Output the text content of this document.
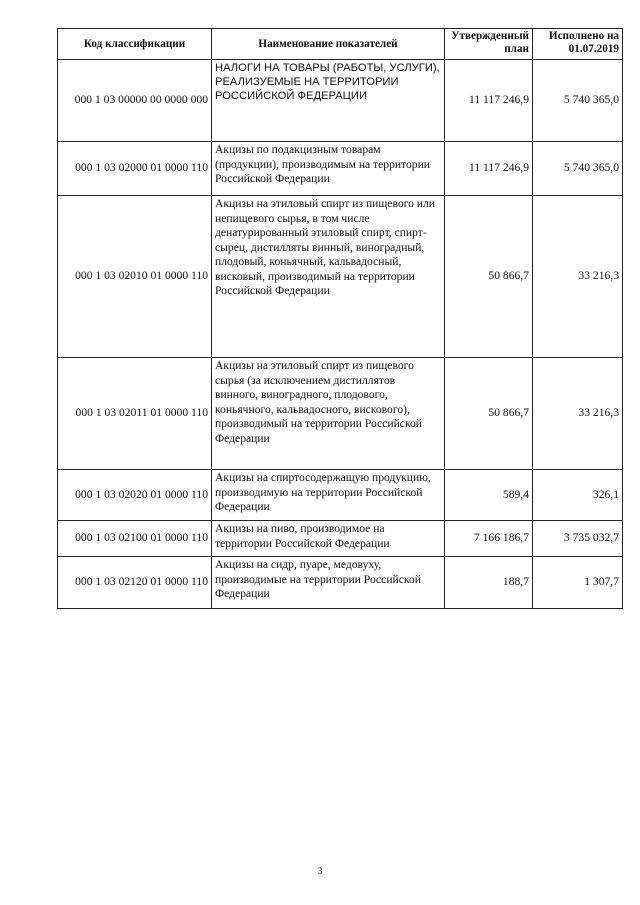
Код классификации	Наименование показателей	Утвержденный план	Исполнено на 01.07.2019
000 1 03 00000 00 0000 000	НАЛОГИ НА ТОВАРЫ (РАБОТЫ, УСЛУГИ), РЕАЛИЗУЕМЫЕ НА ТЕРРИТОРИИ РОССИЙСКОЙ ФЕДЕРАЦИИ	11 117 246,9	5 740 365,0
000 1 03 02000 01 0000 110	Акцизы по подакцизным товарам (продукции), производимым на территории Российской Федерации	11 117 246,9	5 740 365,0
000 1 03 02010 01 0000 110	Акцизы на этиловый спирт из пищевого или непищевого сырья, в том числе денатурированный этиловый спирт, спирт-сырец, дистилляты винный, виноградный, плодовый, коньячный, кальвадосный, висковый, производимый на территории Российской Федерации	50 866,7	33 216,3
000 1 03 02011 01 0000 110	Акцизы на этиловый спирт из пищевого сырья (за исключением дистиллятов винного, виноградного, плодового, коньячного, кальвадосного, вискового), производимый на территории Российской Федерации	50 866,7	33 216,3
000 1 03 02020 01 0000 110	Акцизы на спиртосодержащую продукцию, производимую на территории Российской Федерации	589,4	326,1
000 1 03 02100 01 0000 110	Акцизы на пиво, производимое на территории Российской Федерации	7 166 186,7	3 735 032,7
000 1 03 02120 01 0000 110	Акцизы на сидр, пуаре, медовуху, производимые на территории Российской Федерации	188,7	1 307,7
3
